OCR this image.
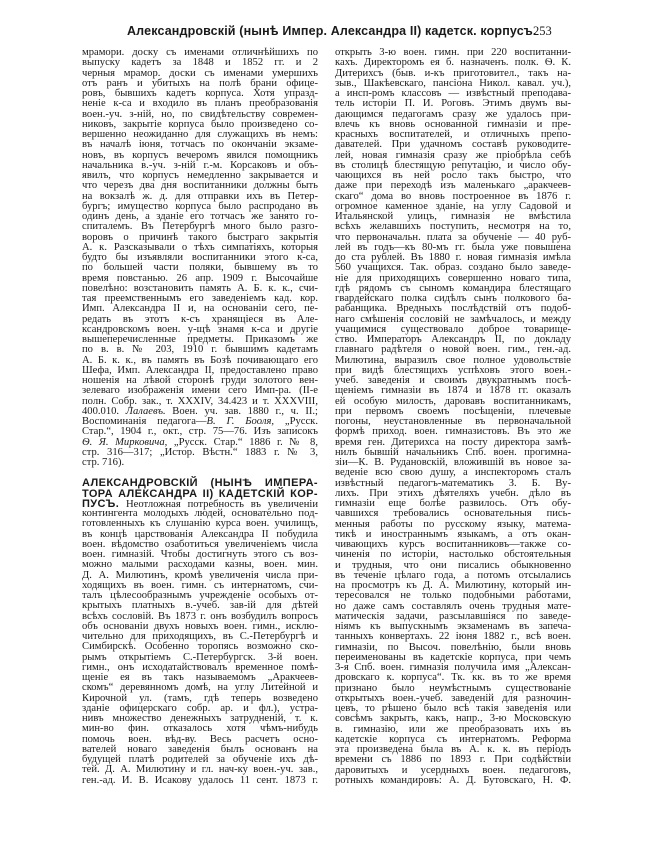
Александровскій (нынѣ Импер. Александра II) кадетск. корпусъ.
253
мрамори. доску съ именами отличнѣйшихъ по
выпуску кадетъ за 1848 и 1852 гг. и 2
черныя мрамор. доски съ именами умершихъ
отъ ранъ и убитыхъ на полѣ брани офице-
ровъ, бывшихъ кадетъ корпуса. Хотя упразд-
неніе к-са и входило въ планъ преобразованія
воен.-уч. з-ній, но, по свидѣтельству современ-
никовъ, закрытіе корпуса было произведено со-
вершенно неожиданно для служащихъ въ немъ:
въ началѣ іюня, тотчасъ по окончаніи экзаме-
новъ, въ корпусъ вечеромъ явился помощникъ
начальника в.-уч. з-ній г.-м. Корсаковъ и объ-
явилъ, что корпусъ немедленно закрывается и
что черезъ два дня воспитанники должны быть
на вокзалѣ ж. д. для отправки ихъ въ Петер-
бургъ; имущество корпуса было распродано въ
одинъ день, а зданіе его тотчасъ же занято го-
спиталемъ. Въ Петербургѣ много было разго-
воровъ о причинѣ такого быстраго закрытія
А. к. Разсказывали о тѣхъ симпатіяхъ, которыя
будто бы изъявляли воспитанники этого к-са,
по большей части поляки, бывшему въ то
время повстанью. 26 апр. 1909 г. Высочайше
повелѣно: возстановить память А. Б. к. к., счи-
тая преемственнымъ его заведеніемъ кад. кор.
Имп. Александра II и, на основаніи сего, пе-
редать въ этотъ к-съ хранящіеся въ Але-
ксандровскомъ воен. у-щѣ знамя к-са и другіе
вышеперечисленные предметы. Приказомъ же
по в. в. № 203, 1910 г. бывшимъ кадетамъ
А. Б. к. к., въ память въ Бозѣ почивающаго его
Шефа, Имп. Александра II, предоставлено право
ношенія на лѣвой сторонѣ груди золотого вен-
зелеваго изображенія имени сего Имп-ра. (II-е
полн. Собр. зак., т. XXXIV, 34.423 и т. XXXVIII,
400.010. Лалаевъ. Воен. уч. зав. 1880 г., ч. II.;
Воспоминанія педагога—В. Г. Бооля, „Русск.
Стар.“, 1904 г., окт., стр. 75—76. Изъ записокъ
Ѳ. Я. Мирковича, „Русск. Стар.“ 1886 г. № 8,
стр. 316—317; „Истор. Вѣстн.“ 1883 г. № 3,
стр. 716).
АЛЕКСАНДРОВСКІЙ (НЫНѢ ИМПЕРА-
ТОРА АЛЕКСАНДРА II) КАДЕТСКІЙ КОР-
ПУСЪ. Неотложная потребность въ увеличеніи
контингента молодыхъ людей, основательно под-
готовленныхъ къ слушанію курса воен. училищъ,
въ концѣ царствованія Александра II побудила
воен. вѣдомство озаботиться увеличеніемъ числа
воен. гимназій. Чтобы достигнуть этого съ воз-
можно малыми расходами казны, воен. мин.
Д. А. Милютинъ, кромѣ увеличенія числа при-
ходящихъ въ воен. гимн. съ интернатомъ, счи-
талъ цѣлесообразнымъ учрежденіе особыхъ от-
крытыхъ платныхъ в.-учеб. зав-ій для дѣтей
всѣхъ сословій. Въ 1873 г. онъ возбудилъ вопросъ
объ основаніи двухъ новыхъ воен. гимн., исклю-
чительно для приходящихъ, въ С.-Петербургѣ и
Симбирскѣ. Особенно торопясь возможно ско-
рымъ открытіемъ С.-Петербургск. 3-й воен.
гимн., онъ исходатайствовалъ временное помѣ-
щеніе ея въ такъ называемомъ „Аракчеев-
скомъ“ деревянномъ домѣ, на углу Литейной и
Кирочной ул. (тамъ, гдѣ теперь возведено
зданіе офицерскаго собр. ар. и фл.), устра-
нивъ множество денежныхъ затрудненій, т. к.
мин-во фин. отказалось хотя чѣмъ-нибудь
помочь воен. вѣд-ву. Весь расчетъ осно-
вателей новаго заведенія былъ основанъ на
будущей платѣ родителей за обученіе ихъ дѣ-
тей. Д. А. Милютину и гл. нач-ку воен.-уч. зав.,
ген.-ад. И. В. Исакову удалось 11 сент. 1873 г.
открыть 3-ю воен. гимн. при 220 воспитанни-
кахъ. Директоромъ ея б. назначенъ. полк. Ѳ. К.
Дитерихсъ (быв. и-къ приготовител., такъ на-
зыв., Шакѣевскаго, пансіона Никол. кавал. уч.),
а инсп-ромъ классовъ — извѣстный преподава-
тель исторіи П. И. Роговъ. Этимъ двумъ вы-
дающимся педагогамъ сразу же удалось при-
влечь къ вновь основанной гимназіи и пре-
красныхъ воспитателей, и отличныхъ препо-
давателей. При удачномъ составѣ руководите-
лей, новая гимназія сразу же пріобрѣла себѣ
въ столицѣ блестящую репутацію, и число обу-
чающихся въ ней росло такъ быстро, что
даже при переходѣ изъ маленькаго „аракчеев-
скаго“ дома во вновь построенное въ 1876 г.
огромное каменное зданіе, на углу Садовой и
Итальянской улицъ, гимназія не вмѣстила
всѣхъ желавшихъ поступить, несмотря на то,
что первоначальн. плата за обученіе — 40 руб-
лей въ годъ—къ 80-мъ гг. была уже повышена
до ста рублей. Въ 1880 г. новая гимназія имѣла
560 учащихся. Так. образ. создано было заведе-
ніе для приходящихъ совершенно новаго типа,
гдѣ рядомъ съ сыномъ командира блестящаго
гвардейскаго полка сидѣлъ сынъ полкового ба-
рабанщика. Вредныхъ послѣдствій отъ подоб-
наго смѣшенія сословій не замѣчалось, и между
учащимися существовало доброе товарище-
ство. Императоръ Александръ II, по докладу
главнаго радѣтеля о новой воен. гим., ген.-ад.
Милютина, выразилъ свое полное удовольствіе
при видѣ блестящихъ успѣховъ этого воен.-
учеб. заведенія и своимъ двукратнымъ посѣ-
щеніемъ гимназіи въ 1874 и 1878 гг. оказалъ
ей особую милость, даровавъ воспитанникамъ,
при первомъ своемъ посѣщеніи, плечевые
погоны, неустановленные въ первоначальной
формѣ приход. воен. гимназистовъ. Въ это же
время ген. Дитерихса на посту директора замѣ-
нилъ бывшій начальникъ Спб. воен. прогимна-
зіи—К. В. Рудановскій, вложившій въ новое за-
веденіе всю свою душу, а инспекторомъ сталъ
извѣстный педагогъ-математикъ З. Б. Ву-
лихъ. При этихъ дѣятеляхъ учебн. дѣло въ
гимназіи еще болѣе развилось. Отъ обу-
чавшихся требовались основательныя пись-
менныя работы по русскому языку, матема-
тикѣ и иностраннымъ языкамъ, а отъ окан-
чивающихъ курсъ воспитанниковъ—также со-
чиненія по исторіи, настолько обстоятельныя
и трудныя, что они писались обыкновенно
въ теченіе цѣлаго года, а потомъ отсылались
на просмотръ къ Д. А. Милютину, который ин-
тересовался не только подобными работами,
но даже самъ составлялъ очень трудныя мате-
матическія задачи, разсылавшіяся по заведе-
ніямъ къ выпускнымъ экзаменамъ въ запеча-
танныхъ конвертахъ. 22 іюня 1882 г., всѣ воен.
гимназіи, по Высоч. повелѣнію, были вновь
переименованы въ кадетскіе корпуса, при чемъ
3-я Спб. воен. гимназія получила имя „Алексан-
дровскаго к. корпуса“. Тк. кк. въ то же время
признано было неумѣстнымъ существованіе
открытыхъ воен.-учеб. заведеній для разночин-
цевъ, то рѣшено было всѣ такія заведенія или
совсѣмъ закрыть, какъ, напр., 3-ю Московскую
в. гимназію, или же преобразовать ихъ въ
кадетскіе корпуса съ интернатомъ. Реформа
эта произведена была въ А. к. к. въ періодъ
времени съ 1886 по 1893 г. При содѣйствіи
даровитыхъ и усердныхъ воен. педагоговъ,
ротныхъ командировъ: А. Д. Бутовскаго, Н. Ф.
